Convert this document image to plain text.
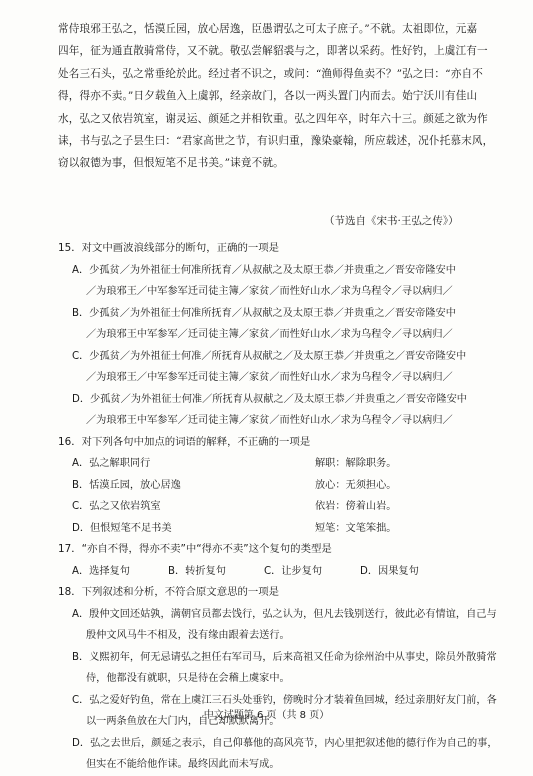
常侍琅邪王弘之，恬漠丘园，放心居逸，臣愚谓弘之可太子庶子。”不就。太祖即位，元嘉
四年，征为通直散骑常侍，又不就。敬弘尝解貂裘与之，即著以采药。性好钓，上虞江有一
处名三石头，弘之常垂纶於此。经过者不识之，或问：“渔师得鱼卖不？”弘之曰：“亦自不
得，得亦不卖。”日夕载鱼入上虞郭，经亲故门，各以一两头置门内而去。始宁沃川有佳山
水，弘之又依岩筑室，谢灵运、颜延之并相钦重。弘之四年卒，时年六十三。颜延之欲为作
诔，书与弘之子昙生曰：“君家高世之节，有识归重，豫染豪翰，所应载述，况仆托慕末风，
窃以叙德为事，但恨短笔不足书美。”诔竟不就。
（节选自《宋书·王弘之传》）
15．对文中画波浪线部分的断句，正确的一项是
A．少孤贫／为外祖征士何准所抚育／从叔献之及太原王恭／并贵重之／晋安帝隆安中
／为琅邪王／中军参军迁司徒主簿／家贫／而性好山水／求为乌程令／寻以病归／
B．少孤贫／为外祖征士何准所抚育／从叔献之及太原王恭／并贵重之／晋安帝隆安中
／为琅邪王中军参军／迁司徒主簿／家贫／而性好山水／求为乌程令／寻以病归／
C．少孤贫／为外祖征士何准／所抚育从叔献之／及太原王恭／并贵重之／晋安帝隆安中
／为琅邪王／中军参军迁司徒主簿／家贫／而性好山水／求为乌程令／寻以病归／
D．少孤贫／为外祖征士何准／所抚育从叔献之／及太原王恭／并贵重之／晋安帝隆安中
／为琅邪王中军参军／迁司徒主簿／家贫／而性好山水／求为乌程令／寻以病归／
16．对下列各句中加点的词语的解释，不正确的一项是
A．弘之解职同行	解职：解除职务。
B．恬漠丘园，放心居逸	放心：无须担心。
C．弘之又依岩筑室	依岩：傍着山岩。
D．但恨短笔不足书美	短笔：文笔笨拙。
17．“亦自不得，得亦不卖”中“得亦不卖”这个复句的类型是
A．选择复句	B．转折复句	C．让步复句	D．因果复句
18．下列叙述和分析，不符合原文意思的一项是
A．殷仲文回还姑孰，满朝官员都去饯行，弘之认为，但凡去钱别送行，彼此必有情谊，自己与殷仲文风马牛不相及，没有缘由跟着去送行。
B．义熙初年，何无忌请弘之担任右军司马，后来高祖又任命为徐州治中从事史，除员外散骑常侍，他都没有就职，只是待在会稽上虞家中。
C．弘之爱好钓鱼，常在上虞江三石头处垂钓，傍晚时分才装着鱼回城，经过亲朋好友门前，各以一两条鱼放在大门内，自己却默默离开。
D．弘之去世后，颜延之表示，自己仰慕他的高风亮节，内心里把叙述他的德行作为自己的事，但实在不能给他作诔。最终因此而未写成。
中文试题第 6 页（共 8 页）
